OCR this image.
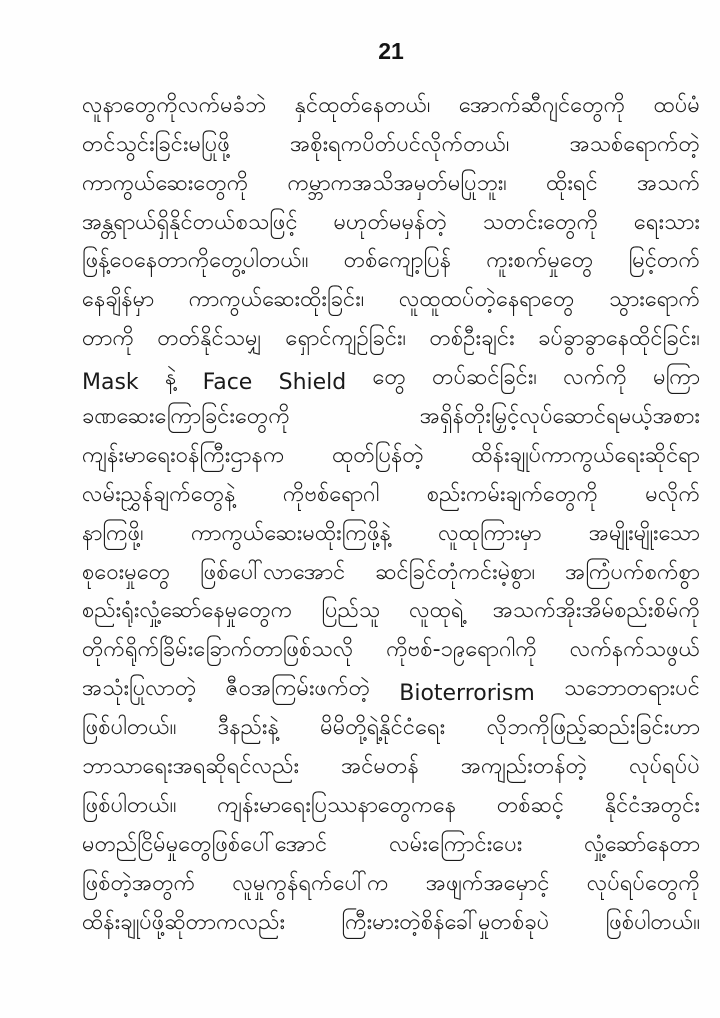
21
လူနာတွေကိုလက်မခံဘဲ နှင်ထုတ်နေတယ်၊ အောက်ဆီဂျင်တွေကို ထပ်မံ
တင်သွင်းခြင်းမပြုဖို့	အစိုးရကပိတ်ပင်လိုက်တယ်၊	အသစ်ရောက်တဲ့
ကာကွယ်ဆေးတွေကို ကမ္ဘာကအသိအမှတ်မပြုဘူး၊ ထိုးရင် အသက်
အန္တရာယ်ရှိနိုင်တယ်စသဖြင့် မဟုတ်မမှန်တဲ့ သတင်းတွေကို ရေးသား
ဖြန့်ဝေနေတာကိုတွေ့ပါတယ်။ တစ်ကျော့ပြန် ကူးစက်မှုတွေ မြင့်တက်
နေချိန်မှာ ကာကွယ်ဆေးထိုးခြင်း၊ လူထူထပ်တဲ့နေရာတွေ သွားရောက်
တာကို တတ်နိုင်သမျှ ရှောင်ကျဉ်ခြင်း၊ တစ်ဦးချင်း ခပ်ခွာခွာနေထိုင်ခြင်း၊
Mask နဲ့ Face Shield တွေ တပ်ဆင်ခြင်း၊ လက်ကို မကြာ
ခဏဆေးကြောခြင်းတွေကို	အရှိန်တိုးမြှင့်လုပ်ဆောင်ရမယ့်အစား
ကျန်းမာရေးဝန်ကြီးဌာနက ထုတ်ပြန်တဲ့ ထိန်းချုပ်ကာကွယ်ရေးဆိုင်ရာ
လမ်းညွှန်ချက်တွေနဲ့ ကိုဗစ်ရောဂါ စည်းကမ်းချက်တွေကို မလိုက်
နာကြဖို့၊ ကာကွယ်ဆေးမထိုးကြဖို့နဲ့ လူထုကြားမှာ အမျိုးမျိုးသော
စုဝေးမှုတွေ ဖြစ်ပေါ်လာအောင် ဆင်ခြင်တုံကင်းမဲ့စွာ၊ အကြံပက်စက်စွာ
စည်းရုံးလှုံ့ဆော်နေမှုတွေက ပြည်သူ လူထုရဲ့ အသက်အိုးအိမ်စည်းစိမ်ကို
တိုက်ရိုက်ခြိမ်းခြောက်တာဖြစ်သလို ကိုဗစ်-၁၉ရောဂါကို လက်နက်သဖွယ်
အသုံးပြုလာတဲ့ ဇီဝအကြမ်းဖက်တဲ့ Bioterrorism သဘောတရားပင်
ဖြစ်ပါတယ်။ ဒီနည်းနဲ့ မိမိတို့ရဲ့နိုင်ငံရေး လိုဘကိုဖြည့်ဆည်းခြင်းဟာ
ဘာသာရေးအရဆိုရင်လည်း အင်မတန် အကျည်းတန်တဲ့ လုပ်ရပ်ပဲ
ဖြစ်ပါတယ်။ ကျန်းမာရေးပြဿနာတွေကနေ တစ်ဆင့် နိုင်ငံအတွင်း
မတည်ငြိမ်မှုတွေဖြစ်ပေါ်အောင်	လမ်းကြောင်းပေး	လှုံ့ဆော်နေတာ
ဖြစ်တဲ့အတွက် လူမှုကွန်ရက်ပေါ်က အဖျက်အမှောင့် လုပ်ရပ်တွေကို
ထိန်းချုပ်ဖို့ဆိုတာကလည်း	ကြီးမားတဲ့စိန်ခေါ်မှုတစ်ခုပဲ	ဖြစ်ပါတယ်။
